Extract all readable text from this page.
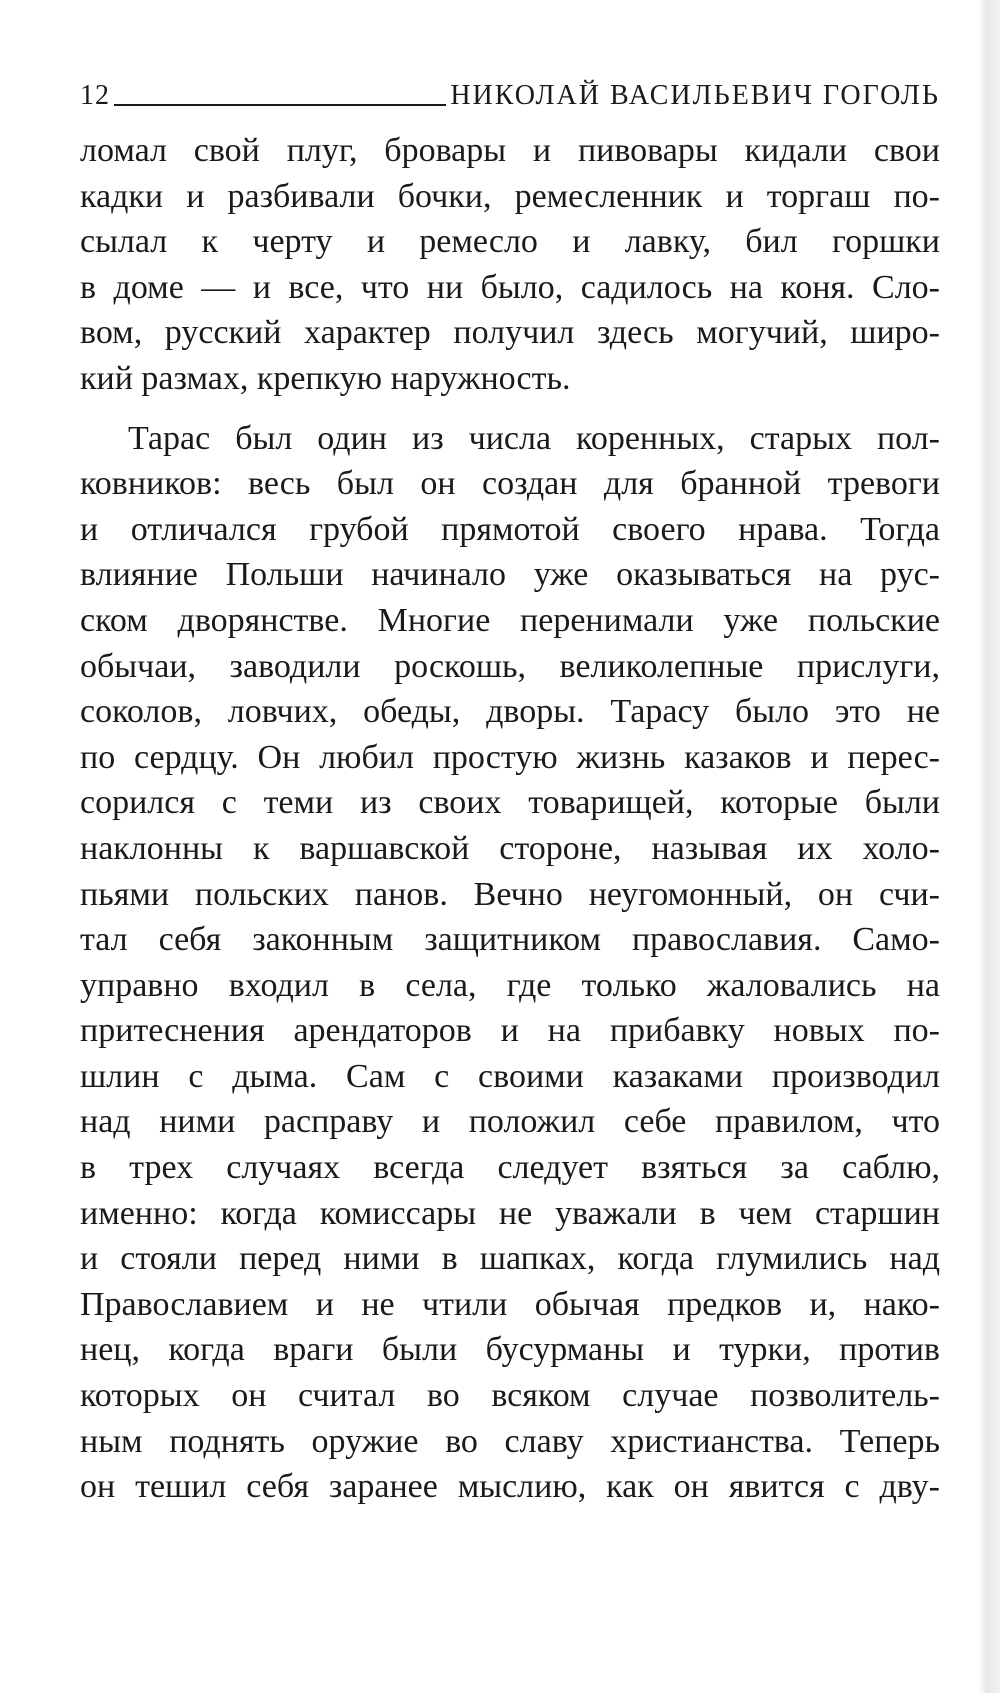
12	НИКОЛАЙ ВАСИЛЬЕВИЧ ГОГОЛЬ
ломал свой плуг, бровары и пивовары кидали свои
кадки и разбивали бочки, ремесленник и торгаш по-
сылал к черту и ремесло и лавку, бил горшки
в доме — и все, что ни было, садилось на коня. Сло-
вом, русский характер получил здесь могучий, широ-
кий размах, крепкую наружность.
Тарас был один из числа коренных, старых пол-
ковников: весь был он создан для бранной тревоги
и отличался грубой прямотой своего нрава. Тогда
влияние Польши начинало уже оказываться на рус-
ском дворянстве. Многие перенимали уже польские
обычаи, заводили роскошь, великолепные прислуги,
соколов, ловчих, обеды, дворы. Тарасу было это не
по сердцу. Он любил простую жизнь казаков и перес-
сорился с теми из своих товарищей, которые были
наклонны к варшавской стороне, называя их холо-
пьями польских панов. Вечно неугомонный, он счи-
тал себя законным защитником православия. Само-
управно входил в села, где только жаловались на
притеснения арендаторов и на прибавку новых по-
шлин с дыма. Сам с своими казаками производил
над ними расправу и положил себе правилом, что
в трех случаях всегда следует взяться за саблю,
именно: когда комиссары не уважали в чем старшин
и стояли перед ними в шапках, когда глумились над
Православием и не чтили обычая предков и, нако-
нец, когда враги были бусурманы и турки, против
которых он считал во всяком случае позволитель-
ным поднять оружие во славу христианства. Теперь
он тешил себя заранее мыслию, как он явится с дву-
